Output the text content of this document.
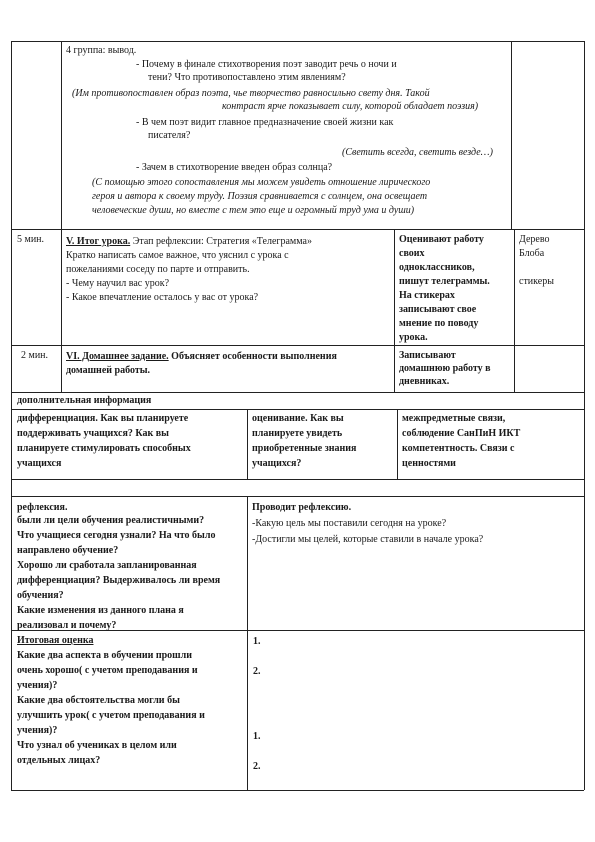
4 группа: вывод.
- Почему в финале стихотворения поэт заводит речь о ночи и
тени? Что противопоставлено этим явлениям?
(Им противопоставлен образ поэта, чье творчество равносильно свету дня. Такой
контраст ярче показывает силу, которой обладает поэзия)
- В чем поэт видит главное предназначение своей жизни как
писателя?
(Светить всегда, светить везде…)
- Зачем в стихотворение введен образ солнца?
(С помощью этого сопоставления мы можем увидеть отношение лирического
героя и автора к своему труду. Поэзия сравнивается с солнцем, она освещает
человеческие души, но вместе с тем это еще и огромный труд ума и души)
5 мин. V. Итог урока. Этап рефлексии: Стратегия «Телеграмма»
Кратко написать самое важное, что уяснил с урока с
пожеланиями соседу по парте и отправить.
- Чему научил вас урок?
- Какое впечатление осталось у вас от урока?
Оценивают работу
своих
одноклассников,
пишут телеграммы.
На стикерах
записывают свое
мнение по поводу
урока.
Дерево
Блоба
стикеры
2 мин. VI. Домашнее задание. Объясняет особенности выполнения
домашней работы.
Записывают
домашнюю работу в
дневниках.
дополнительная информация
дифференциация. Как вы планируете
поддерживать учащихся? Как вы
планируете стимулировать способных
учащихся
оценивание. Как вы
планируете увидеть
приобретенные знания
учащихся?
межпредметные связи,
соблюдение СанПиН ИКТ
компетентность. Связи с
ценностями
рефлексия.
были ли цели обучения реалистичными?
Что учащиеся сегодня узнали? На что было
направлено обучение?
Хорошо ли сработала запланированная
дифференциация? Выдерживалось ли время
обучения?
Какие изменения из данного плана я
реализовал и почему?
Проводит рефлексию.
-Какую цель мы поставили сегодня на уроке?
-Достигли мы целей, которые ставили в начале урока?
Итоговая оценка
Какие два аспекта в обучении прошли
очень хорошо( с учетом преподавания и
учения)?
Какие два обстоятельства могли бы
улучшить урок( с учетом преподавания и
учения)?
Что узнал об учениках в целом или
отдельных лицах?
1.
2.
1.
2.
